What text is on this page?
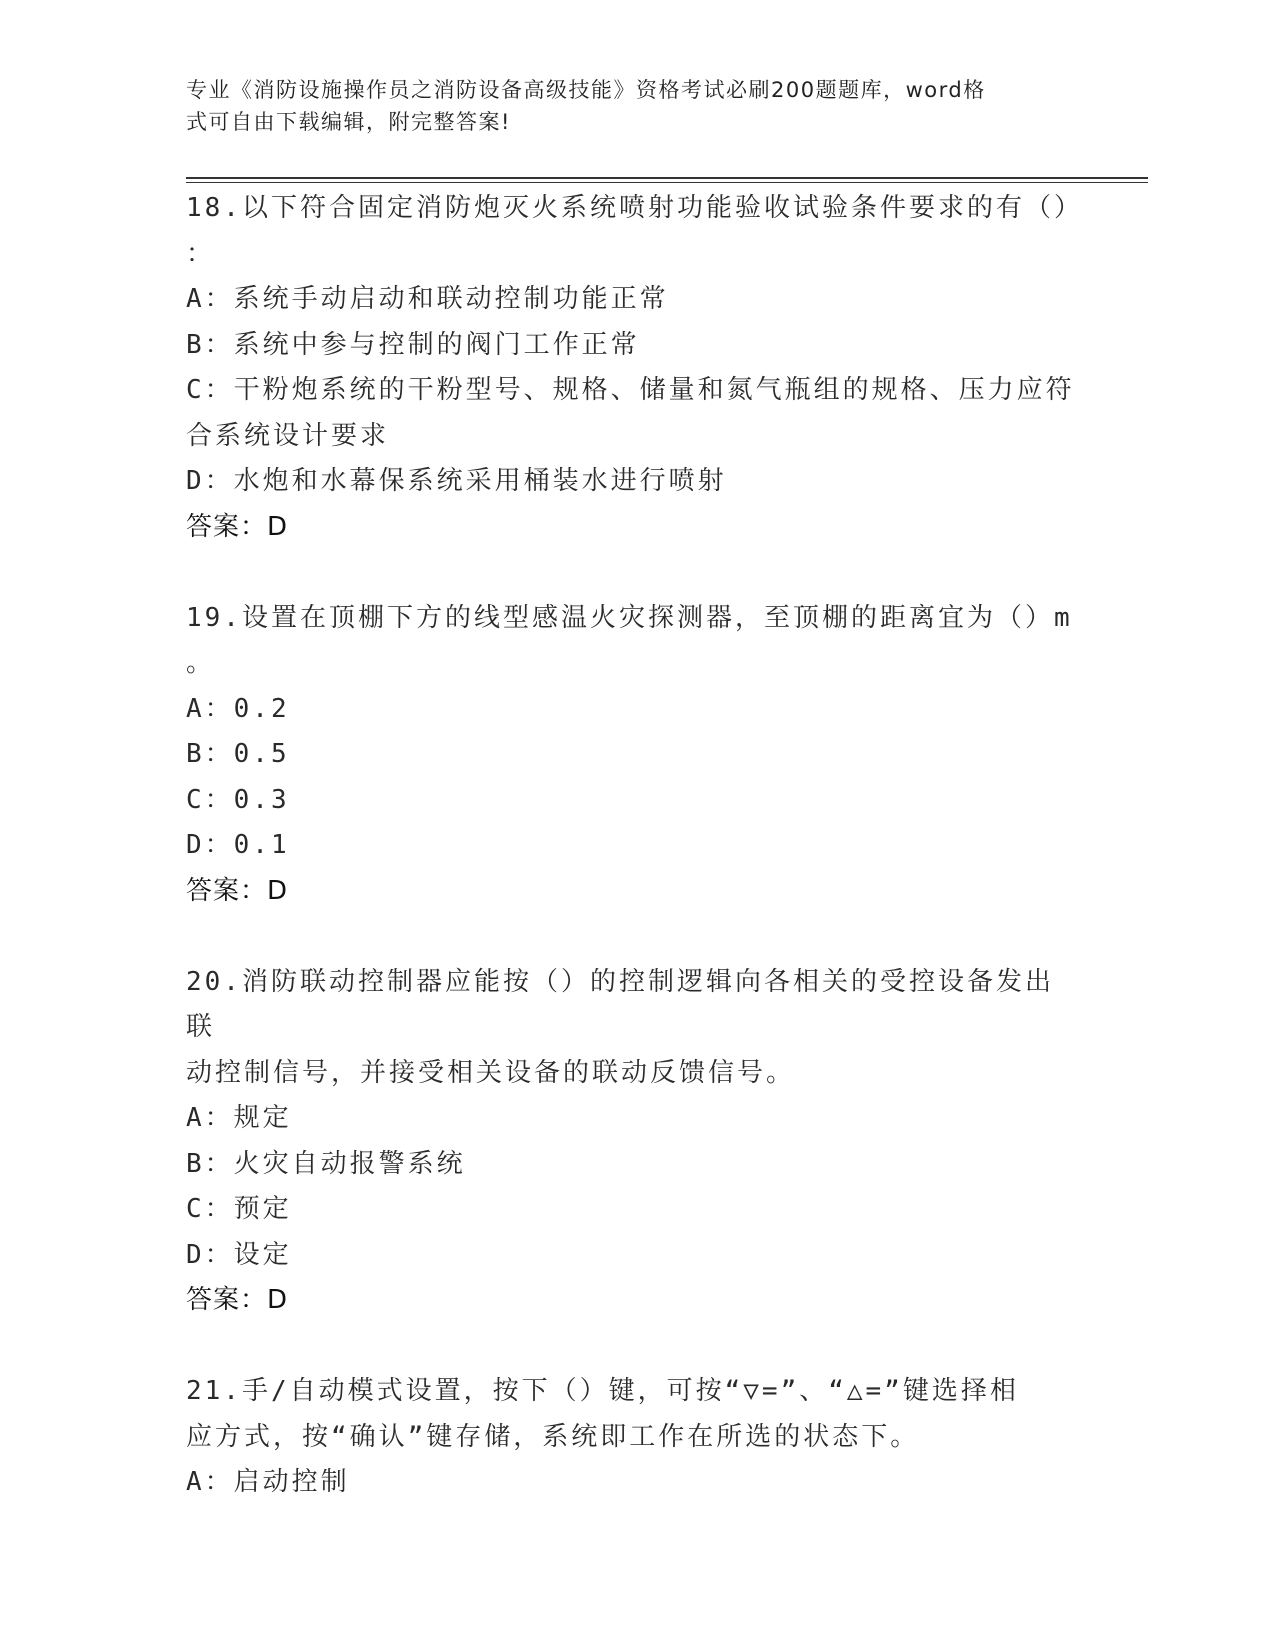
专业《消防设施操作员之消防设备高级技能》资格考试必刷200题题库，word格
式可自由下载编辑，附完整答案!

18.以下符合固定消防炮灭火系统喷射功能验收试验条件要求的有（）

：

A：系统手动启动和联动控制功能正常

B：系统中参与控制的阀门工作正常

C：干粉炮系统的干粉型号、规格、储量和氮气瓶组的规格、压力应符

合系统设计要求

D：水炮和水幕保系统采用桶装水进行喷射

答案：D

19.设置在顶棚下方的线型感温火灾探测器，至顶棚的距离宜为（）m

。

A：0.2

B：0.5

C：0.3

D：0.1

答案：D

20.消防联动控制器应能按（）的控制逻辑向各相关的受控设备发出联

动控制信号，并接受相关设备的联动反馈信号。

A：规定

B：火灾自动报警系统

C：预定

D：设定

答案：D

21.手/自动模式设置，按下（）键，可按“▽=”、“△=”键选择相

应方式，按“确认”键存储，系统即工作在所选的状态下。

A：启动控制
